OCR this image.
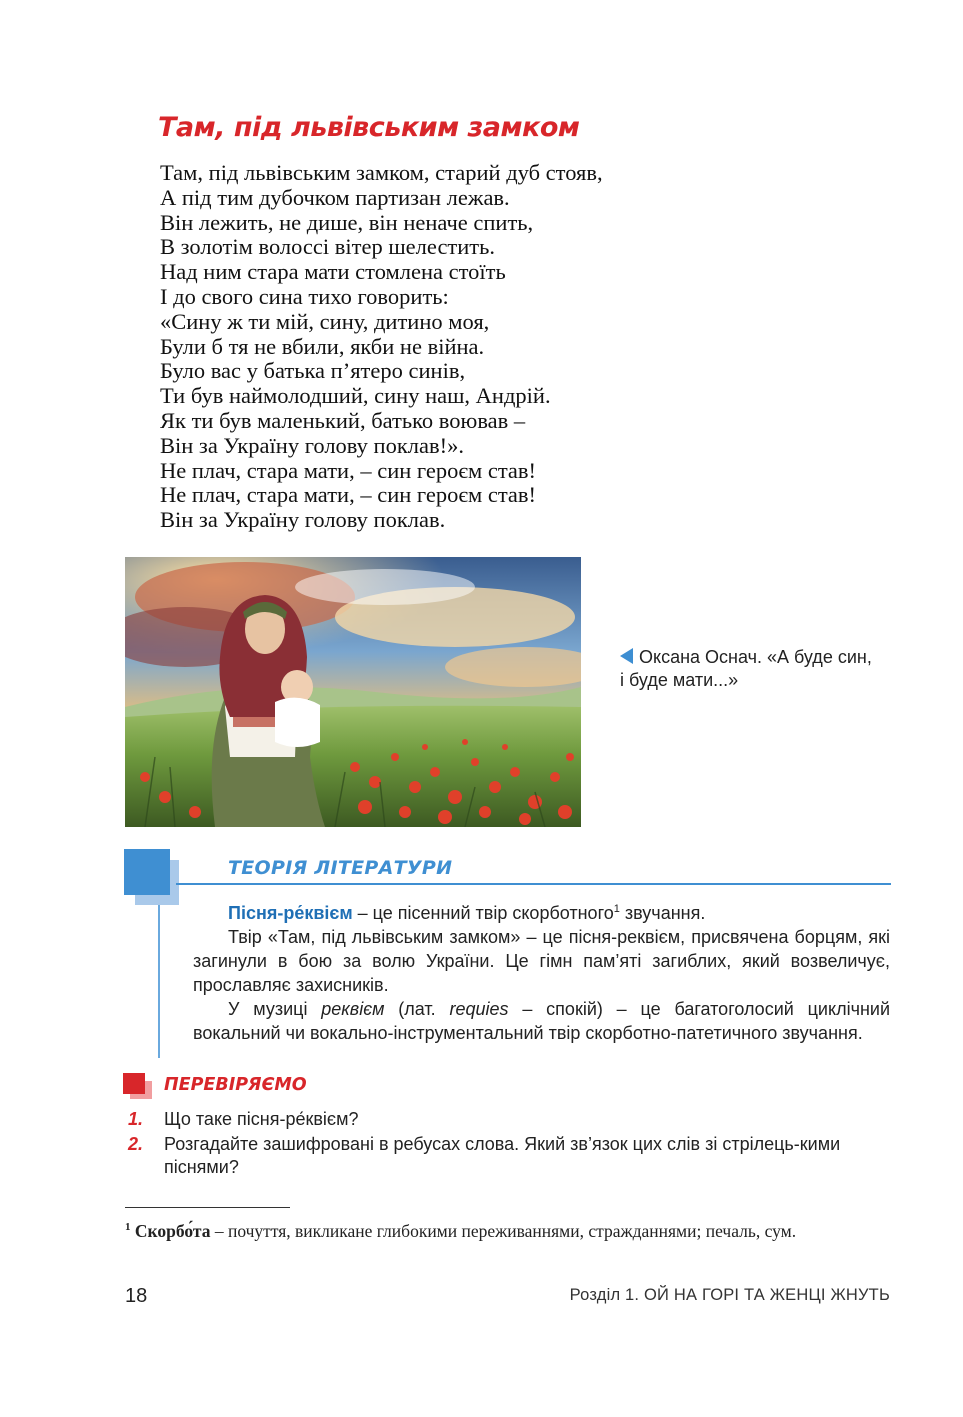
Там, під львівським замком
Там, під львівським замком, старий дуб стояв,
А під тим дубочком партизан лежав.
Він лежить, не дише, він неначе спить,
В золотім волоссі вітер шелестить.
Над ним стара мати стомлена стоїть
І до свого сина тихо говорить:
«Сину ж ти мій, сину, дитино моя,
Були б тя не вбили, якби не війна.
Було вас у батька п’ятеро синів,
Ти був наймолодший, сину наш, Андрій.
Як ти був маленький, батько воював –
Він за Україну голову поклав!».
Не плач, стара мати, – син героєм став!
Не плач, стара мати, – син героєм став!
Він за Україну голову поклав.
Оксана Оснач. «А буде син, і буде мати...»
ТЕОРІЯ ЛІТЕРАТУРИ

Пісня-ре́квієм – це пісенний твір скорботного$^1$ звучання.

Твір «Там, під львівським замком» – це пісня-реквієм, присвячена борцям, які загинули в бою за волю України. Це гімн пам’яті загиблих, який возвеличує, прославляє захисників.

У музиці реквієм (лат. requies – спокій) – це багатоголосий циклічний вокальний чи вокально-інструментальний твір скорботно-патетичного звучання.

ПЕРЕВІРЯЄМО
1. Що таке пісня-ре́квієм?
2. Розгадайте зашифровані в ребусах слова. Який зв’язок цих слів зі стрілець-кими піснями?
$^1$ Скорбо́та – почуття, викликане глибокими переживаннями, стражданнями; печаль, сум.
18	Розділ 1. ОЙ НА ГОРІ ТА ЖЕНЦІ ЖНУТЬ
